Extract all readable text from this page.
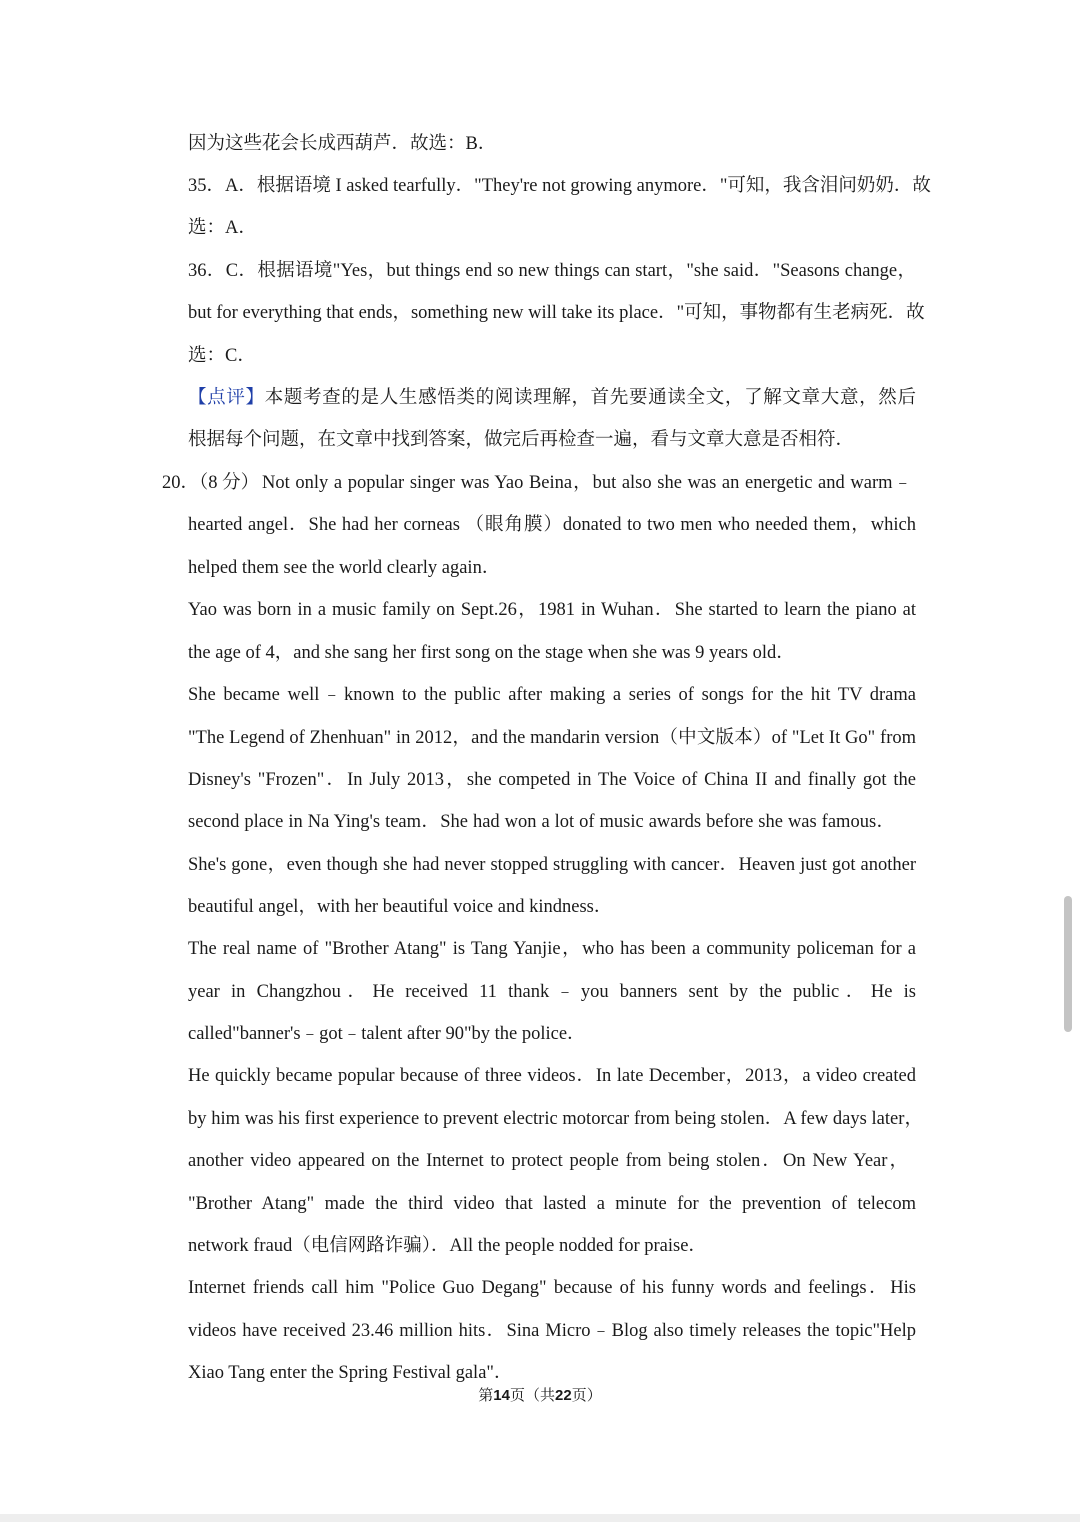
因为这些花会长成西葫芦．故选：B．
35．A．根据语境 I asked tearfully．"They're not growing anymore．"可知，我含泪问奶奶．故
选：A．
36．C．根据语境"Yes，but things end so new things can start，"she said．"Seasons change，
but for everything that ends，something new will take its place．"可知，事物都有生老病死．故
选：C．
【点评】本题考查的是人生感悟类的阅读理解，首先要通读全文，了解文章大意，然后
根据每个问题，在文章中找到答案，做完后再检查一遍，看与文章大意是否相符．
20．（8 分） Not only a popular singer was Yao Beina，but also she was an energetic and warm﹣
hearted angel．She had her corneas （眼角膜）donated to two men who needed them，which
helped them see the world clearly again．
Yao was born in a music family on Sept.26，1981 in Wuhan．She started to learn the piano at
the age of 4，and she sang her first song on the stage when she was 9 years old．
She became well﹣known to the public after making a series of songs for the hit TV drama
"The Legend of Zhenhuan" in 2012，and the mandarin version（中文版本）of "Let It Go" from
Disney's "Frozen"．In July 2013，she competed in The Voice of China II and finally got the
second place in Na Ying's team．She had won a lot of music awards before she was famous．
She's gone，even though she had never stopped struggling with cancer．Heaven just got another
beautiful angel，with her beautiful voice and kindness．
The real name of "Brother Atang" is Tang Yanjie，who has been a community policeman for a
year in Changzhou．He received 11 thank﹣you banners sent by the public．He is
called"banner's﹣got﹣talent after 90"by the police．
He quickly became popular because of three videos．In late December，2013，a video created
by him was his first experience to prevent electric motorcar from being stolen．A few days later，
another video appeared on the Internet to protect people from being stolen．On New Year，
"Brother Atang" made the third video that lasted a minute for the prevention of telecom
network fraud（电信网路诈骗）．All the people nodded for praise．
Internet friends call him "Police Guo Degang" because of his funny words and feelings．His
videos have received 23.46 million hits．Sina Micro﹣Blog also timely releases the topic"Help
Xiao Tang enter the Spring Festival gala"．
第14页（共22页）
